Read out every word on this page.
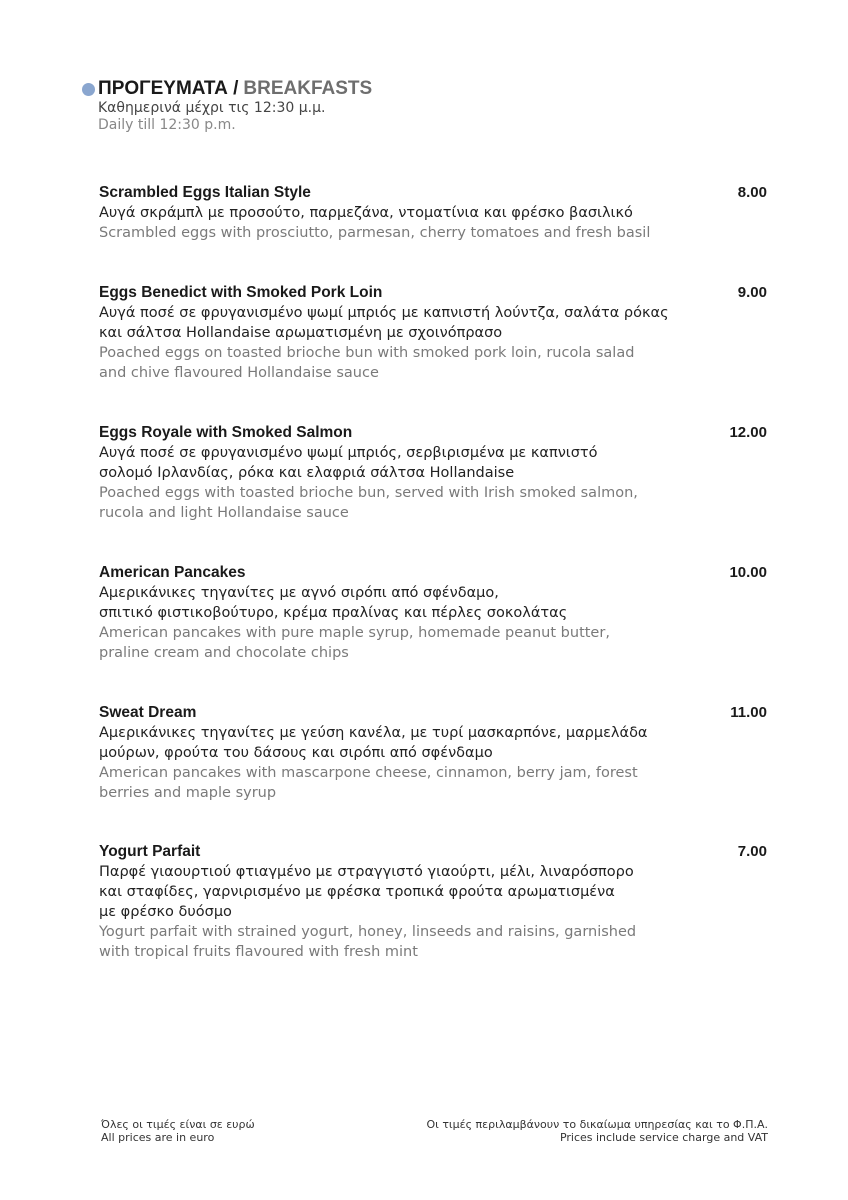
ΠΡΟΓΕΥΜΑΤΑ / BREAKFASTS
Καθημερινά μέχρι τις 12:30 μ.μ.
Daily till 12:30 p.m.
Scrambled Eggs Italian Style	8.00
Αυγά σκράμπλ με προσούτο, παρμεζάνα, ντοματίνια και φρέσκο βασιλικό
Scrambled eggs with prosciutto, parmesan, cherry tomatoes and fresh basil
Eggs Benedict with Smoked Pork Loin	9.00
Αυγά ποσέ σε φρυγανισμένο ψωμί μπριός με καπνιστή λούντζα, σαλάτα ρόκας
και σάλτσα Hollandaise αρωματισμένη με σχοινόπρασο
Poached eggs on toasted brioche bun with smoked pork loin, rucola salad
and chive flavoured Hollandaise sauce
Eggs Royale with Smoked Salmon	12.00
Αυγά ποσέ σε φρυγανισμένο ψωμί μπριός, σερβιρισμένα με καπνιστό
σολομό Ιρλανδίας, ρόκα και ελαφριά σάλτσα Hollandaise
Poached eggs with toasted brioche bun, served with Irish smoked salmon,
rucola and light Hollandaise sauce
American Pancakes	10.00
Αμερικάνικες τηγανίτες με αγνό σιρόπι από σφένδαμο,
σπιτικό φιστικοβούτυρο, κρέμα πραλίνας και πέρλες σοκολάτας
American pancakes with pure maple syrup, homemade peanut butter,
praline cream and chocolate chips
Sweat Dream	11.00
Αμερικάνικες τηγανίτες με γεύση κανέλα, με τυρί μασκαρπόνε, μαρμελάδα
μούρων, φρούτα του δάσους και σιρόπι από σφένδαμο
American pancakes with mascarpone cheese, cinnamon, berry jam, forest
berries and maple syrup
Yogurt Parfait	7.00
Παρφέ γιαουρτιού φτιαγμένο με στραγγιστό γιαούρτι, μέλι, λιναρόσπορο
και σταφίδες, γαρνιρισμένο με φρέσκα τροπικά φρούτα αρωματισμένα
με φρέσκο δυόσμο
Yogurt parfait with strained yogurt, honey, linseeds and raisins, garnished
with tropical fruits flavoured with fresh mint
Όλες οι τιμές είναι σε ευρώ
All prices are in euro
Οι τιμές περιλαμβάνουν το δικαίωμα υπηρεσίας και το Φ.Π.Α.
Prices include service charge and VAT
